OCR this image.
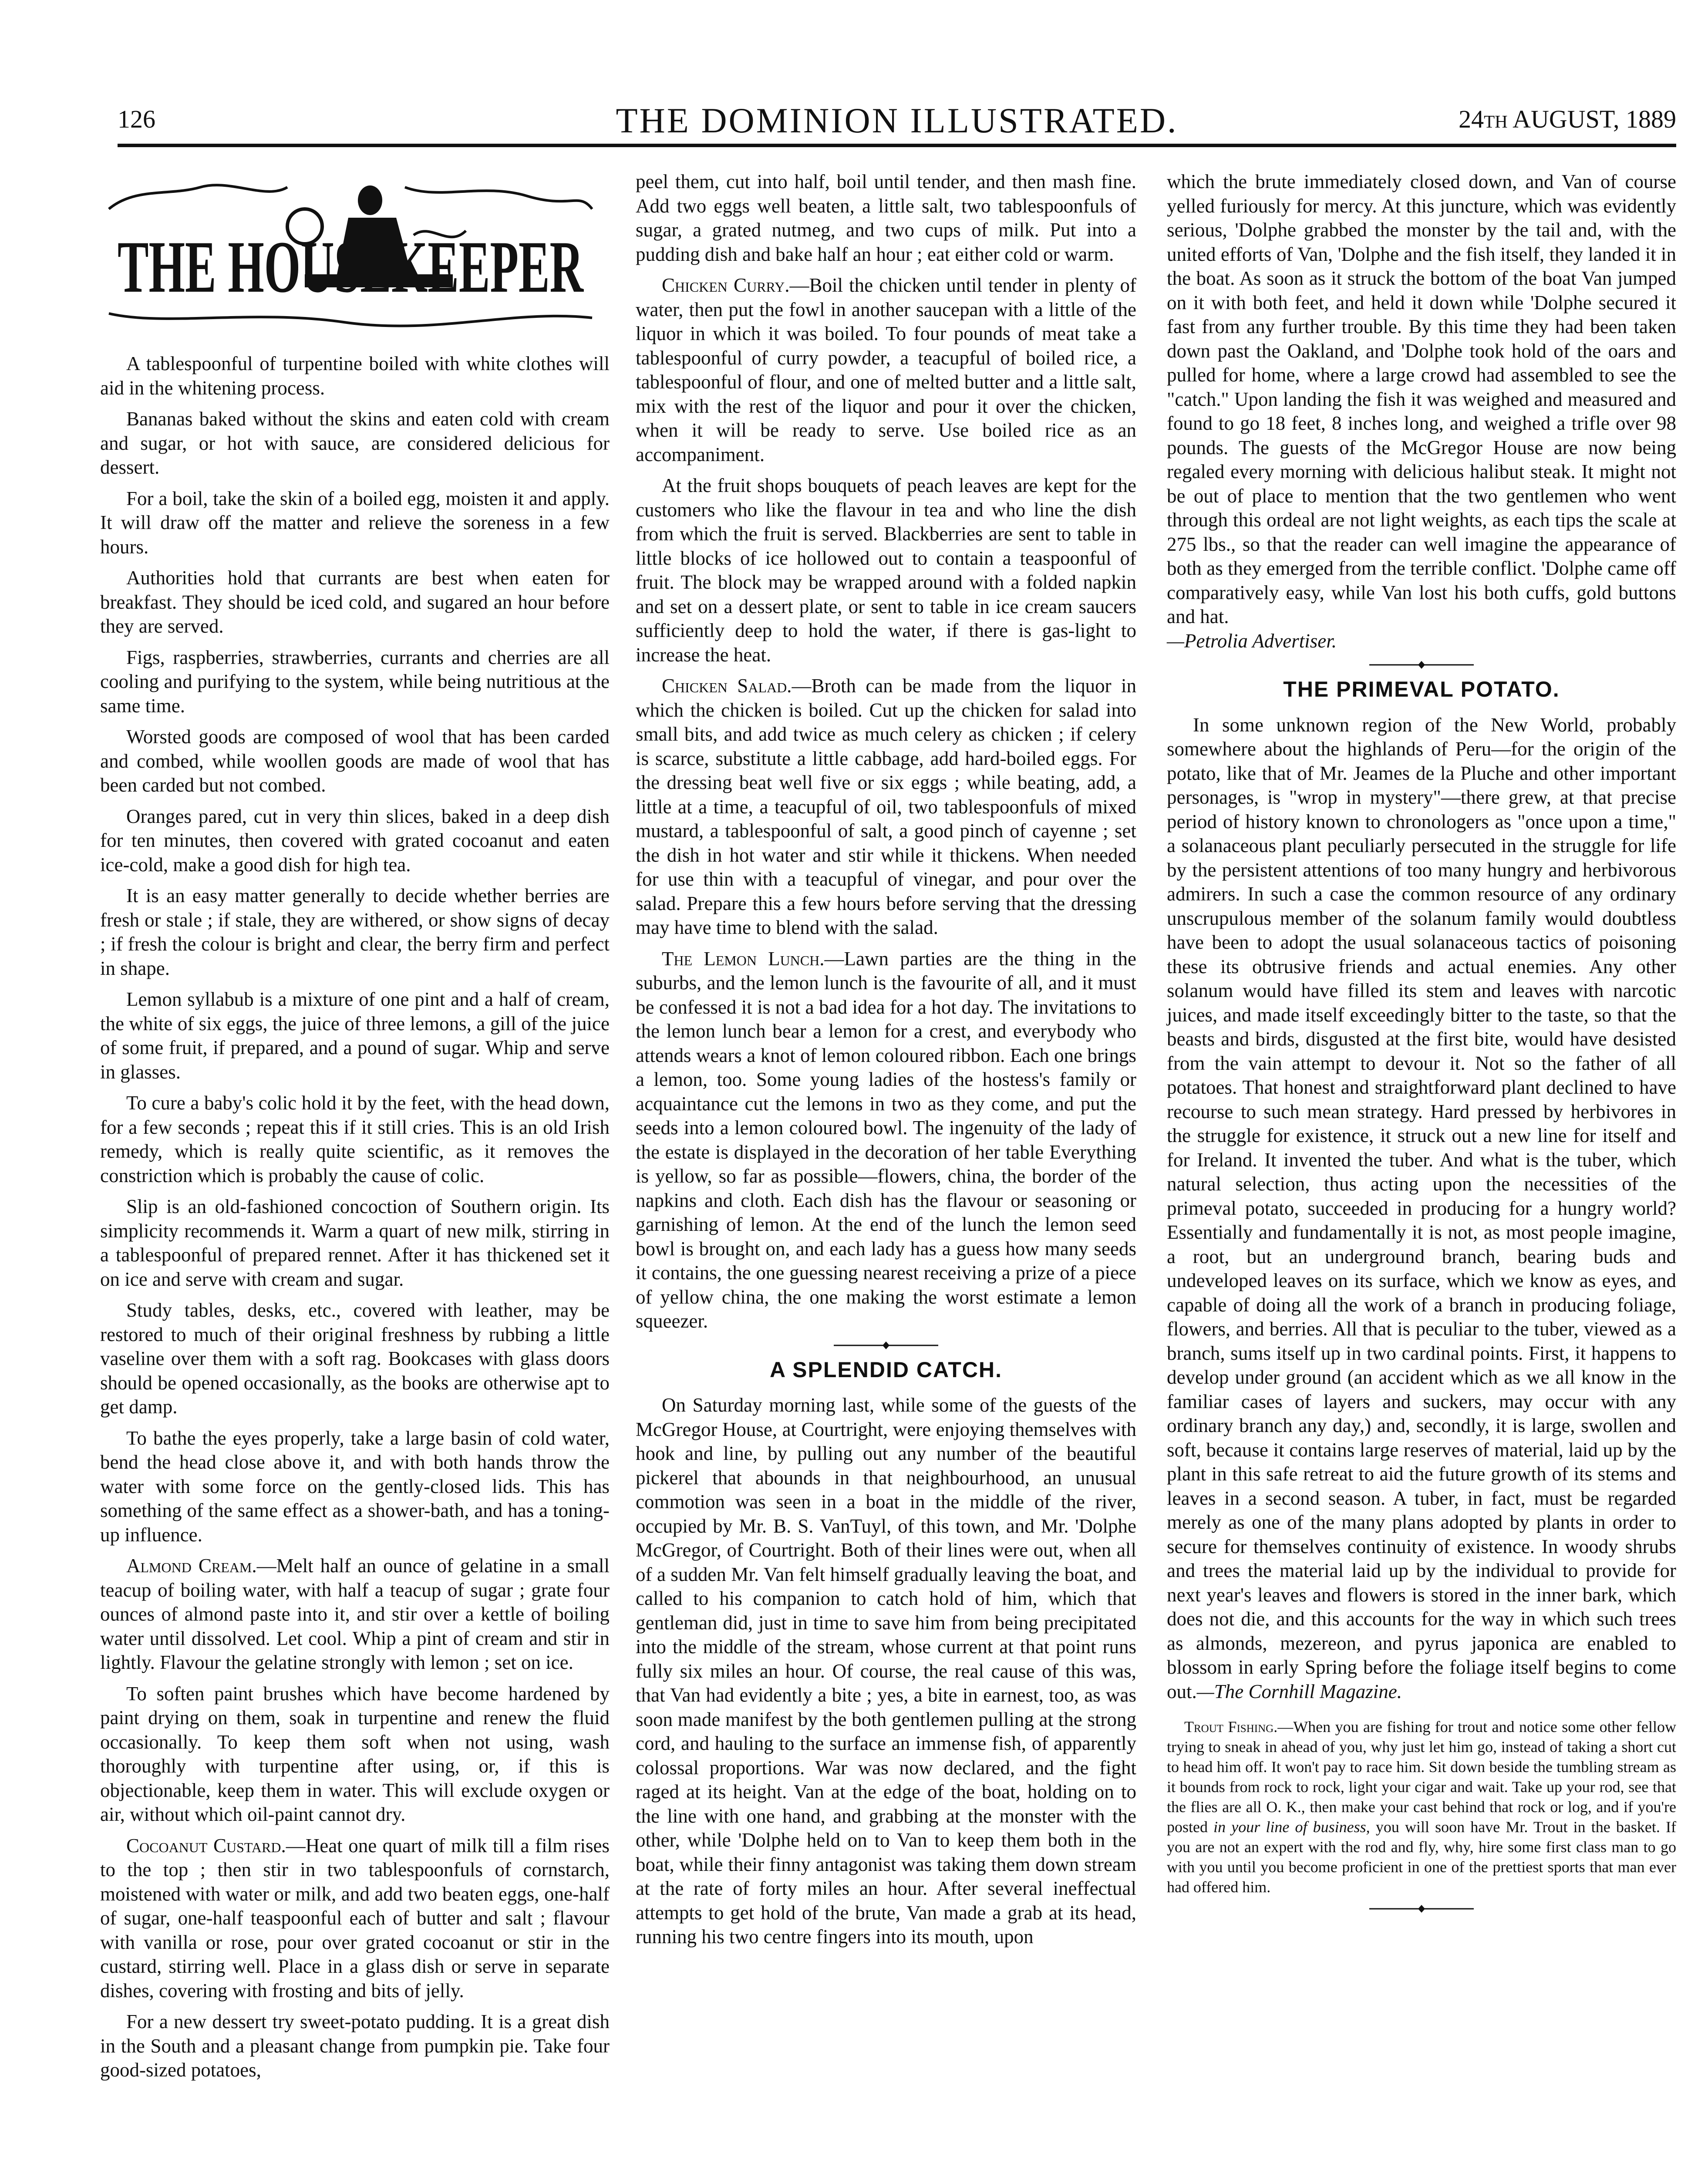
126	THE DOMINION ILLUSTRATED.	24th AUGUST, 1889
THE HOUSEKEEPER

A tablespoonful of turpentine boiled with white clothes will aid in the whitening process.

Bananas baked without the skins and eaten cold with cream and sugar, or hot with sauce, are considered delicious for dessert.

For a boil, take the skin of a boiled egg, moisten it and apply. It will draw off the matter and relieve the soreness in a few hours.

Authorities hold that currants are best when eaten for breakfast. They should be iced cold, and sugared an hour before they are served.

Figs, raspberries, strawberries, currants and cherries are all cooling and purifying to the system, while being nutritious at the same time.

Worsted goods are composed of wool that has been carded and combed, while woollen goods are made of wool that has been carded but not combed.

Oranges pared, cut in very thin slices, baked in a deep dish for ten minutes, then covered with grated cocoanut and eaten ice-cold, make a good dish for high tea.

It is an easy matter generally to decide whether berries are fresh or stale ; if stale, they are withered, or show signs of decay ; if fresh the colour is bright and clear, the berry firm and perfect in shape.

Lemon syllabub is a mixture of one pint and a half of cream, the white of six eggs, the juice of three lemons, a gill of the juice of some fruit, if prepared, and a pound of sugar. Whip and serve in glasses.

To cure a baby's colic hold it by the feet, with the head down, for a few seconds ; repeat this if it still cries. This is an old Irish remedy, which is really quite scientific, as it removes the constriction which is probably the cause of colic.

Slip is an old-fashioned concoction of Southern origin. Its simplicity recommends it. Warm a quart of new milk, stirring in a tablespoonful of prepared rennet. After it has thickened set it on ice and serve with cream and sugar.

Study tables, desks, etc., covered with leather, may be restored to much of their original freshness by rubbing a little vaseline over them with a soft rag. Bookcases with glass doors should be opened occasionally, as the books are otherwise apt to get damp.

To bathe the eyes properly, take a large basin of cold water, bend the head close above it, and with both hands throw the water with some force on the gently-closed lids. This has something of the same effect as a shower-bath, and has a toning-up influence.

Almond Cream.—Melt half an ounce of gelatine in a small teacup of boiling water, with half a teacup of sugar ; grate four ounces of almond paste into it, and stir over a kettle of boiling water until dissolved. Let cool. Whip a pint of cream and stir in lightly. Flavour the gelatine strongly with lemon ; set on ice.

To soften paint brushes which have become hardened by paint drying on them, soak in turpentine and renew the fluid occasionally. To keep them soft when not using, wash thoroughly with turpentine after using, or, if this is objectionable, keep them in water. This will exclude oxygen or air, without which oil-paint cannot dry.

Cocoanut Custard.—Heat one quart of milk till a film rises to the top ; then stir in two tablespoonfuls of cornstarch, moistened with water or milk, and add two beaten eggs, one-half of sugar, one-half teaspoonful each of butter and salt ; flavour with vanilla or rose, pour over grated cocoanut or stir in the custard, stirring well. Place in a glass dish or serve in separate dishes, covering with frosting and bits of jelly.

For a new dessert try sweet-potato pudding. It is a great dish in the South and a pleasant change from pumpkin pie. Take four good-sized potatoes,

peel them, cut into half, boil until tender, and then mash fine. Add two eggs well beaten, a little salt, two tablespoonfuls of sugar, a grated nutmeg, and two cups of milk. Put into a pudding dish and bake half an hour ; eat either cold or warm.

Chicken Curry.—Boil the chicken until tender in plenty of water, then put the fowl in another saucepan with a little of the liquor in which it was boiled. To four pounds of meat take a tablespoonful of curry powder, a teacupful of boiled rice, a tablespoonful of flour, and one of melted butter and a little salt, mix with the rest of the liquor and pour it over the chicken, when it will be ready to serve. Use boiled rice as an accompaniment.

At the fruit shops bouquets of peach leaves are kept for the customers who like the flavour in tea and who line the dish from which the fruit is served. Blackberries are sent to table in little blocks of ice hollowed out to contain a teaspoonful of fruit. The block may be wrapped around with a folded napkin and set on a dessert plate, or sent to table in ice cream saucers sufficiently deep to hold the water, if there is gas-light to increase the heat.

Chicken Salad.—Broth can be made from the liquor in which the chicken is boiled. Cut up the chicken for salad into small bits, and add twice as much celery as chicken ; if celery is scarce, substitute a little cabbage, add hard-boiled eggs. For the dressing beat well five or six eggs ; while beating, add, a little at a time, a teacupful of oil, two tablespoonfuls of mixed mustard, a tablespoonful of salt, a good pinch of cayenne ; set the dish in hot water and stir while it thickens. When needed for use thin with a teacupful of vinegar, and pour over the salad. Prepare this a few hours before serving that the dressing may have time to blend with the salad.

The Lemon Lunch.—Lawn parties are the thing in the suburbs, and the lemon lunch is the favourite of all, and it must be confessed it is not a bad idea for a hot day. The invitations to the lemon lunch bear a lemon for a crest, and everybody who attends wears a knot of lemon coloured ribbon. Each one brings a lemon, too. Some young ladies of the hostess's family or acquaintance cut the lemons in two as they come, and put the seeds into a lemon coloured bowl. The ingenuity of the lady of the estate is displayed in the decoration of her table Everything is yellow, so far as possible—flowers, china, the border of the napkins and cloth. Each dish has the flavour or seasoning or garnishing of lemon. At the end of the lunch the lemon seed bowl is brought on, and each lady has a guess how many seeds it contains, the one guessing nearest receiving a prize of a piece of yellow china, the one making the worst estimate a lemon squeezer.

A SPLENDID CATCH.

On Saturday morning last, while some of the guests of the McGregor House, at Courtright, were enjoying themselves with hook and line, by pulling out any number of the beautiful pickerel that abounds in that neighbourhood, an unusual commotion was seen in a boat in the middle of the river, occupied by Mr. B. S. VanTuyl, of this town, and Mr. 'Dolphe McGregor, of Courtright. Both of their lines were out, when all of a sudden Mr. Van felt himself gradually leaving the boat, and called to his companion to catch hold of him, which that gentleman did, just in time to save him from being precipitated into the middle of the stream, whose current at that point runs fully six miles an hour. Of course, the real cause of this was, that Van had evidently a bite ; yes, a bite in earnest, too, as was soon made manifest by the both gentlemen pulling at the strong cord, and hauling to the surface an immense fish, of apparently colossal proportions. War was now declared, and the fight raged at its height. Van at the edge of the boat, holding on to the line with one hand, and grabbing at the monster with the other, while 'Dolphe held on to Van to keep them both in the boat, while their finny antagonist was taking them down stream at the rate of forty miles an hour. After several ineffectual attempts to get hold of the brute, Van made a grab at its head, running his two centre fingers into its mouth, upon

which the brute immediately closed down, and Van of course yelled furiously for mercy. At this juncture, which was evidently serious, 'Dolphe grabbed the monster by the tail and, with the united efforts of Van, 'Dolphe and the fish itself, they landed it in the boat. As soon as it struck the bottom of the boat Van jumped on it with both feet, and held it down while 'Dolphe secured it fast from any further trouble. By this time they had been taken down past the Oakland, and 'Dolphe took hold of the oars and pulled for home, where a large crowd had assembled to see the "catch." Upon landing the fish it was weighed and measured and found to go 18 feet, 8 inches long, and weighed a trifle over 98 pounds. The guests of the McGregor House are now being regaled every morning with delicious halibut steak. It might not be out of place to mention that the two gentlemen who went through this ordeal are not light weights, as each tips the scale at 275 lbs., so that the reader can well imagine the appearance of both as they emerged from the terrible conflict. 'Dolphe came off comparatively easy, while Van lost his both cuffs, gold buttons and hat.
—Petrolia Advertiser.

THE PRIMEVAL POTATO.

In some unknown region of the New World, probably somewhere about the highlands of Peru—for the origin of the potato, like that of Mr. Jeames de la Pluche and other important personages, is "wrop in mystery"—there grew, at that precise period of history known to chronologers as "once upon a time," a solanaceous plant peculiarly persecuted in the struggle for life by the persistent attentions of too many hungry and herbivorous admirers. In such a case the common resource of any ordinary unscrupulous member of the solanum family would doubtless have been to adopt the usual solanaceous tactics of poisoning these its obtrusive friends and actual enemies. Any other solanum would have filled its stem and leaves with narcotic juices, and made itself exceedingly bitter to the taste, so that the beasts and birds, disgusted at the first bite, would have desisted from the vain attempt to devour it. Not so the father of all potatoes. That honest and straightforward plant declined to have recourse to such mean strategy. Hard pressed by herbivores in the struggle for existence, it struck out a new line for itself and for Ireland. It invented the tuber. And what is the tuber, which natural selection, thus acting upon the necessities of the primeval potato, succeeded in producing for a hungry world? Essentially and fundamentally it is not, as most people imagine, a root, but an underground branch, bearing buds and undeveloped leaves on its surface, which we know as eyes, and capable of doing all the work of a branch in producing foliage, flowers, and berries. All that is peculiar to the tuber, viewed as a branch, sums itself up in two cardinal points. First, it happens to develop under ground (an accident which as we all know in the familiar cases of layers and suckers, may occur with any ordinary branch any day,) and, secondly, it is large, swollen and soft, because it contains large reserves of material, laid up by the plant in this safe retreat to aid the future growth of its stems and leaves in a second season. A tuber, in fact, must be regarded merely as one of the many plans adopted by plants in order to secure for themselves continuity of existence. In woody shrubs and trees the material laid up by the individual to provide for next year's leaves and flowers is stored in the inner bark, which does not die, and this accounts for the way in which such trees as almonds, mezereon, and pyrus japonica are enabled to blossom in early Spring before the foliage itself begins to come out.—The Cornhill Magazine.

Trout Fishing.—When you are fishing for trout and notice some other fellow trying to sneak in ahead of you, why just let him go, instead of taking a short cut to head him off. It won't pay to race him. Sit down beside the tumbling stream as it bounds from rock to rock, light your cigar and wait. Take up your rod, see that the flies are all O. K., then make your cast behind that rock or log, and if you're posted in your line of business, you will soon have Mr. Trout in the basket. If you are not an expert with the rod and fly, why, hire some first class man to go with you until you become proficient in one of the prettiest sports that man ever had offered him.
